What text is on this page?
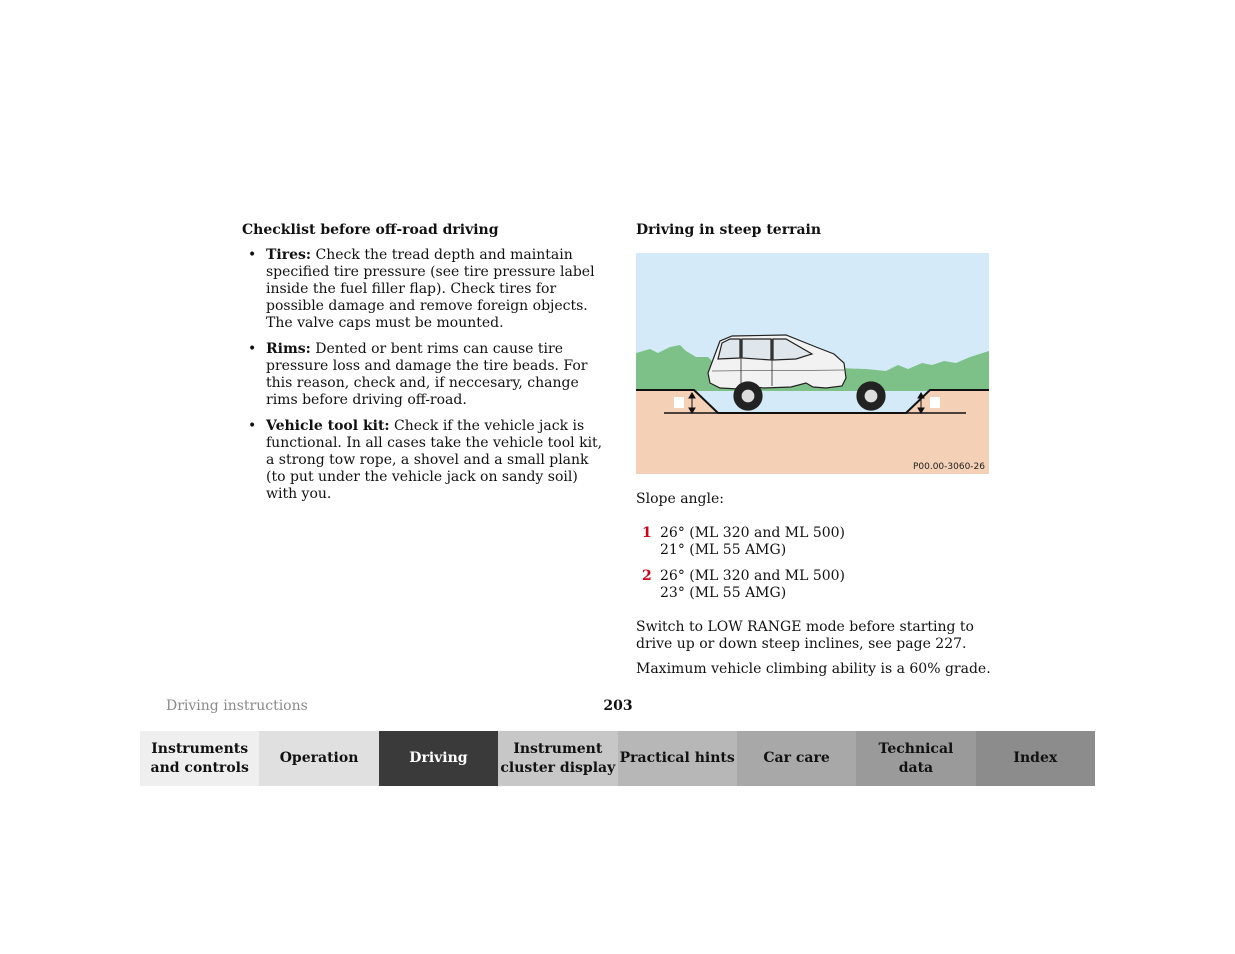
Checklist before off-road driving
• Tires: Check the tread depth and maintain specified tire pressure (see tire pressure label inside the fuel filler flap). Check tires for possible damage and remove foreign objects. The valve caps must be mounted.
• Rims: Dented or bent rims can cause tire pressure loss and damage the tire beads. For this reason, check and, if neccesary, change rims before driving off-road.
• Vehicle tool kit: Check if the vehicle jack is functional. In all cases take the vehicle tool kit, a strong tow rope, a shovel and a small plank (to put under the vehicle jack on sandy soil) with you.
Driving in steep terrain
P00.00-3060-26

Slope angle:

1 26° (ML 320 and ML 500)
21° (ML 55 AMG)
2 26° (ML 320 and ML 500)
23° (ML 55 AMG)

Switch to LOW RANGE mode before starting to drive up or down steep inclines, see page 227.

Maximum vehicle climbing ability is a 60% grade.

Driving instructions	203
Instruments
and controls
Operation	Driving
Instrument
cluster display
Practical hints Car care
Technical
data
Index
